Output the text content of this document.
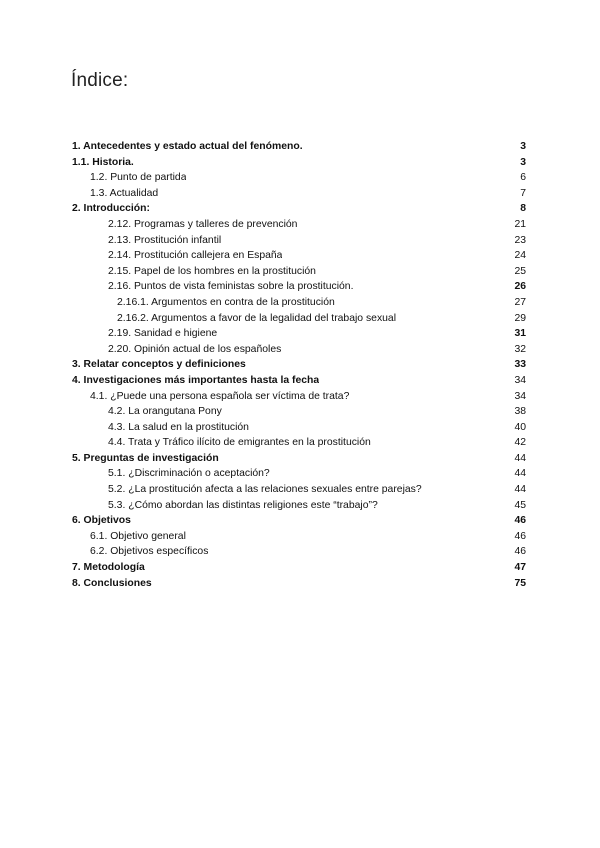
Índice:
1. Antecedentes y estado actual del fenómeno.	3
1.1. Historia.	3
1.2. Punto de partida	6
1.3. Actualidad	7
2. Introducción:	8
2.12. Programas y talleres de prevención	21
2.13. Prostitución infantil	23
2.14. Prostitución callejera en España	24
2.15. Papel de los hombres en la prostitución	25
2.16. Puntos de vista feministas sobre la prostitución.	26
2.16.1. Argumentos en contra de la prostitución	27
2.16.2. Argumentos a favor de la legalidad del trabajo sexual	29
2.19. Sanidad e higiene	31
2.20. Opinión actual de los españoles	32
3. Relatar conceptos y definiciones	33
4. Investigaciones más importantes hasta la fecha	34
4.1. ¿Puede una persona española ser víctima de trata?	34
4.2. La orangutana Pony	38
4.3. La salud en la prostitución	40
4.4. Trata y Tráfico ilícito de emigrantes en la prostitución	42
5. Preguntas de investigación	44
5.1. ¿Discriminación o aceptación?	44
5.2. ¿La prostitución afecta a las relaciones sexuales entre parejas?	44
5.3. ¿Cómo abordan las distintas religiones este “trabajo”?	45
6. Objetivos	46
6.1. Objetivo general	46
6.2. Objetivos específicos	46
7. Metodología	47
8. Conclusiones	75
